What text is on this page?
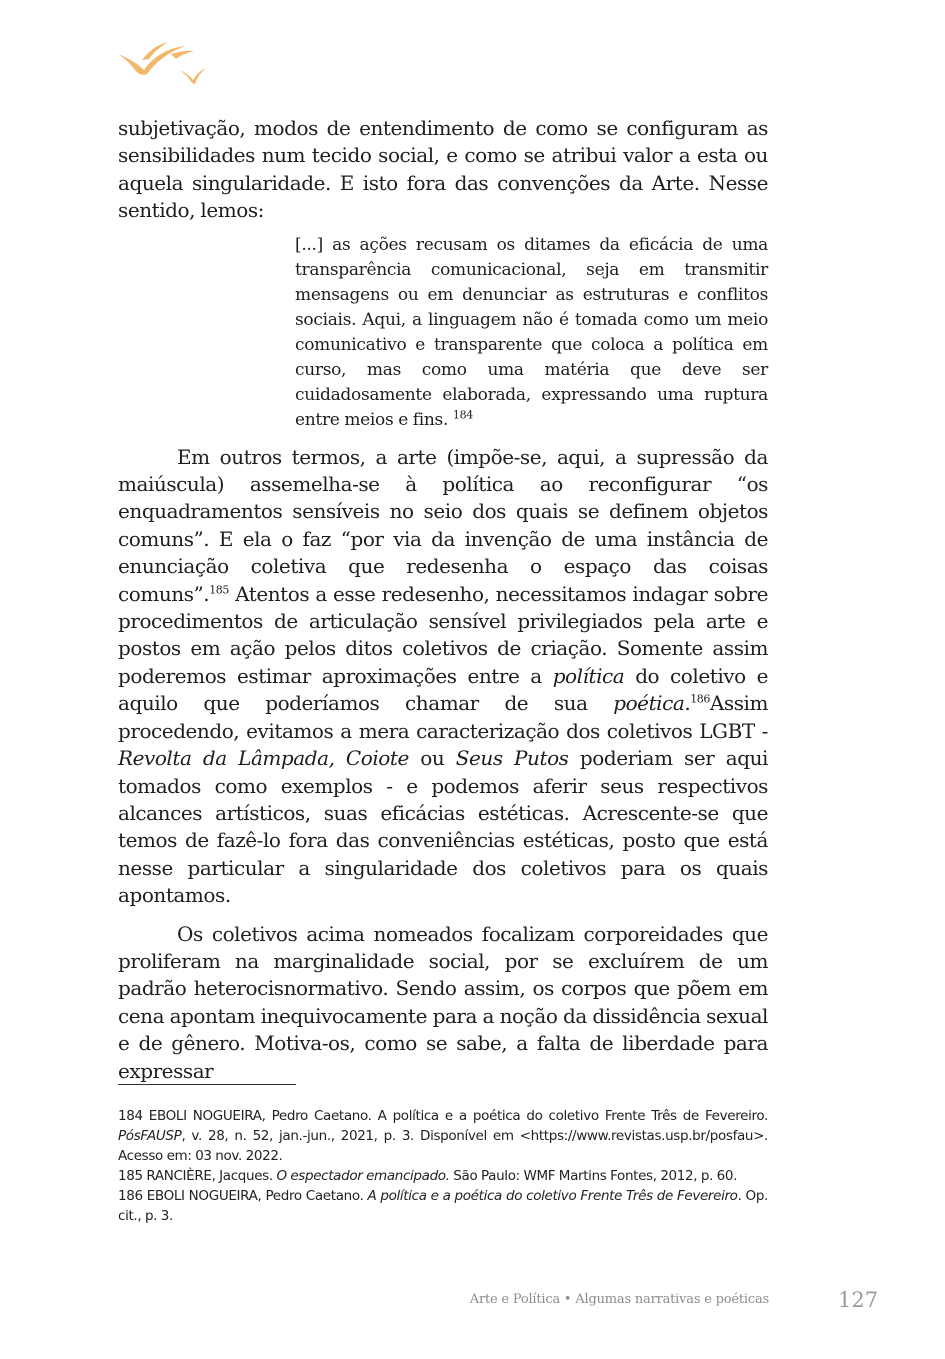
subjetivação, modos de entendimento de como se configuram as sensibilidades num tecido social, e como se atribui valor a esta ou aquela singularidade. E isto fora das convenções da Arte. Nesse sentido, lemos:

[...] as ações recusam os ditames da eficácia de uma transparência comunicacional, seja em transmitir mensagens ou em denunciar as estruturas e conflitos sociais. Aqui, a linguagem não é tomada como um meio comunicativo e transparente que coloca a política em curso, mas como uma matéria que deve ser cuidadosamente elaborada, expressando uma ruptura entre meios e fins. $^{184}$

Em outros termos, a arte (impõe-se, aqui, a supressão da maiúscula) assemelha-se à política ao reconfigurar “os enquadramentos sensíveis no seio dos quais se definem objetos comuns”. E ela o faz “por via da invenção de uma instância de enunciação coletiva que redesenha o espaço das coisas comuns”.$^{185}$ Atentos a esse redesenho, necessitamos indagar sobre procedimentos de articulação sensível privilegiados pela arte e postos em ação pelos ditos coletivos de criação. Somente assim poderemos estimar aproximações entre a política do coletivo e aquilo que poderíamos chamar de sua poética.$^{186}$Assim procedendo, evitamos a mera caracterização dos coletivos LGBT - Revolta da Lâmpada, Coiote ou Seus Putos poderiam ser aqui tomados como exemplos - e podemos aferir seus respectivos alcances artísticos, suas eficácias estéticas. Acrescente-se que temos de fazê-lo fora das conveniências estéticas, posto que está nesse particular a singularidade dos coletivos para os quais apontamos.

Os coletivos acima nomeados focalizam corporeidades que proliferam na marginalidade social, por se excluírem de um padrão heterocisnormativo. Sendo assim, os corpos que põem em cena apontam inequivocamente para a noção da dissidência sexual e de gênero. Motiva-os, como se sabe, a falta de liberdade para expressar

184 EBOLI NOGUEIRA, Pedro Caetano. A política e a poética do coletivo Frente Três de Fevereiro. PósFAUSP, v. 28, n. 52, jan.-jun., 2021, p. 3. Disponível em <https://www.revistas.usp.br/posfau>. Acesso em: 03 nov. 2022.

185 RANCIÈRE, Jacques. O espectador emancipado. São Paulo: WMF Martins Fontes, 2012, p. 60.

186 EBOLI NOGUEIRA, Pedro Caetano. A política e a poética do coletivo Frente Três de Fevereiro. Op. cit., p. 3.

Arte e Política • Algumas narrativas e poéticas	127
